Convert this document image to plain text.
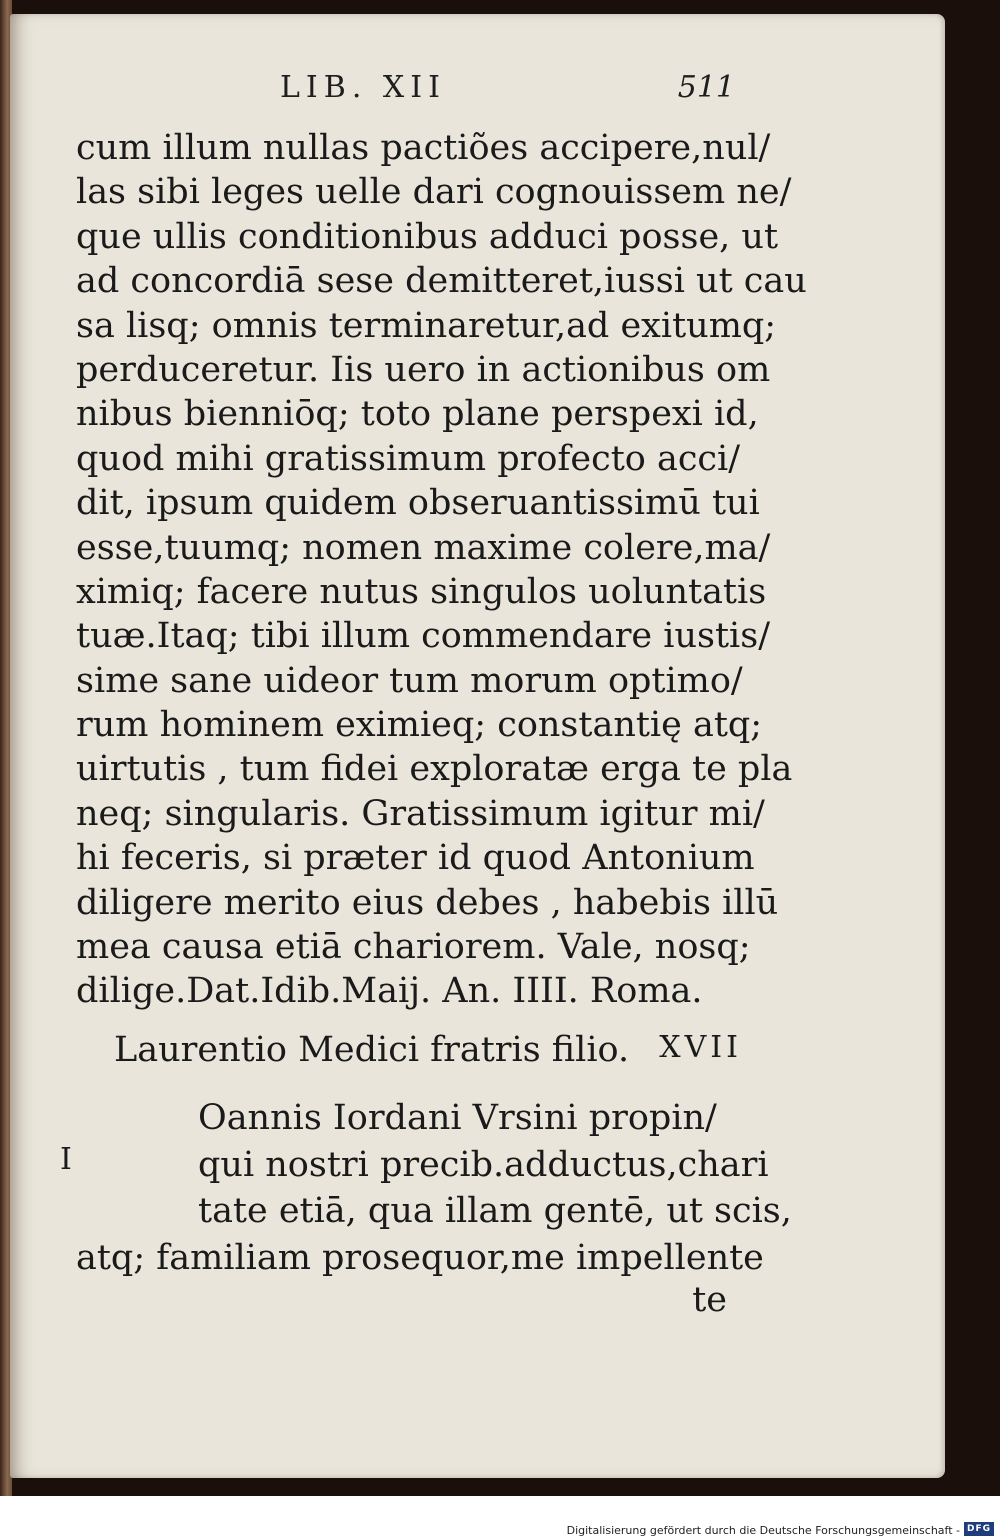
LIB. XII	511
cum illum nullas pactiões accipere,nul/
las sibi leges uelle dari cognouissem ne/
que ullis conditionibus adduci posse, ut
ad concordiā sese demitteret,iussi ut cau
sa lisq; omnis terminaretur,ad exitumq;
perduceretur. Iis uero in actionibus om
nibus bienniōq; toto plane perspexi id,
quod mihi gratissimum profecto acci/
dit, ipsum quidem obseruantissimū tui
esse,tuumq; nomen maxime colere,ma/
ximiq; facere nutus singulos uoluntatis
tuæ.Itaq; tibi illum commendare iustis/
sime sane uideor tum morum optimo/
rum hominem eximieq; constantię atq;
uirtutis , tum fidei exploratæ erga te pla
neq; singularis. Gratissimum igitur mi/
hi feceris, si præter id quod Antonium
diligere merito eius debes , habebis illū
mea causa etiā chariorem. Vale, nosq;
dilige.Dat.Idib.Maij. An. IIII. Roma.
Laurentio Medici fratris filio. XVII
I
Oannis Iordani Vrsini propin/
qui nostri precib.adductus,chari
tate etiā, qua illam gentē, ut scis,
atq; familiam prosequor,me impellente
te
Digitalisierung gefördert durch die Deutsche Forschungsgemeinschaft - DFG
